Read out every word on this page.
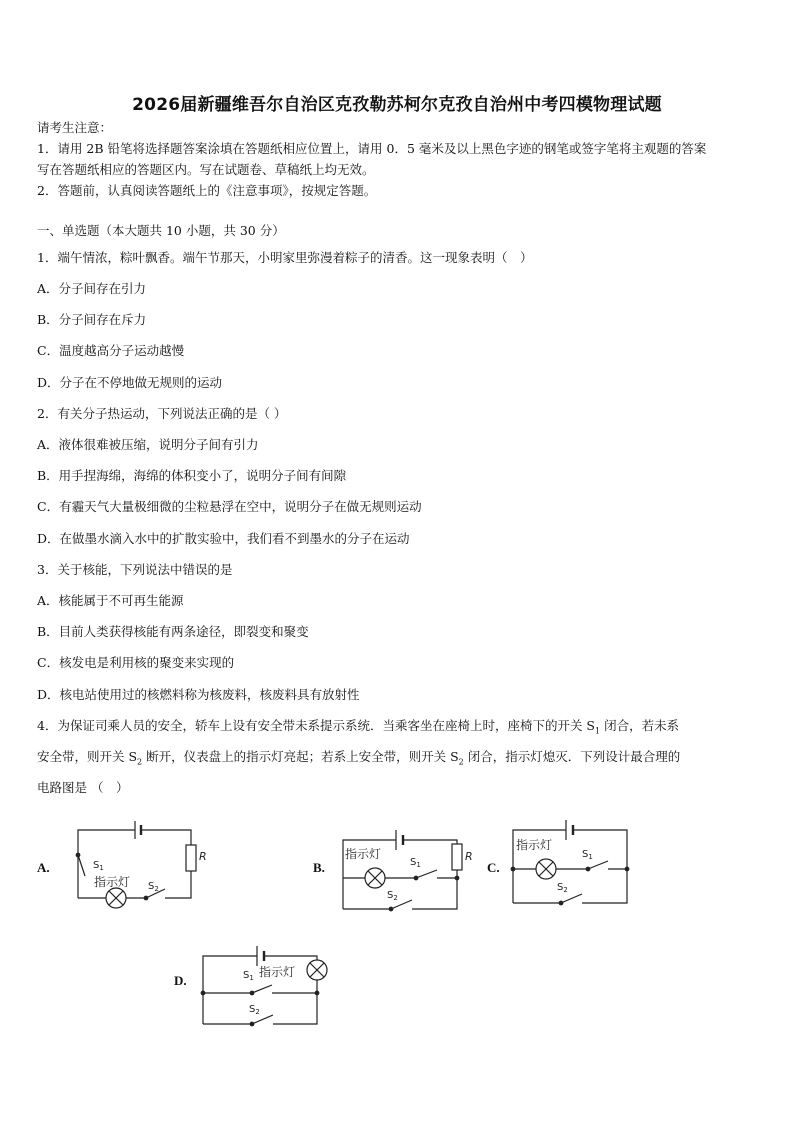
2026届新疆维吾尔自治区克孜勒苏柯尔克孜自治州中考四模物理试题
请考生注意：
1．请用 2B 铅笔将选择题答案涂填在答题纸相应位置上，请用 0．5 毫米及以上黑色字迹的钢笔或签字笔将主观题的答案
写在答题纸相应的答题区内。写在试题卷、草稿纸上均无效。
2．答题前，认真阅读答题纸上的《注意事项》，按规定答题。
一、单选题（本大题共 10 小题，共 30 分）
1．端午情浓，粽叶飘香。端午节那天，小明家里弥漫着粽子的清香。这一现象表明（　）
A．分子间存在引力
B．分子间存在斥力
C．温度越高分子运动越慢
D．分子在不停地做无规则的运动
2．有关分子热运动，下列说法正确的是（ ）
A．液体很难被压缩，说明分子间有引力
B．用手捏海绵，海绵的体积变小了，说明分子间有间隙
C．有霾天气大量极细微的尘粒悬浮在空中，说明分子在做无规则运动
D．在做墨水滴入水中的扩散实验中，我们看不到墨水的分子在运动
3．关于核能，下列说法中错误的是
A．核能属于不可再生能源
B．目前人类获得核能有两条途径，即裂变和聚变
C．核发电是利用核的聚变来实现的
D．核电站使用过的核燃料称为核废料，核废料具有放射性
4．为保证司乘人员的安全，轿车上设有安全带未系提示系统．当乘客坐在座椅上时，座椅下的开关 $S_1$ 闭合，若未系
安全带，则开关 $S_2$ 断开，仪表盘上的指示灯亮起；若系上安全带，则开关 $S_2$ 闭合，指示灯熄灭．下列设计最合理的
电路图是 （　）
A.	B.	C.
D.
$S_1$
指示灯 $S_2$
R	指示灯
$S_1$
$S_2$
R
指示灯
$S_1$
$S_2$
$S_1$ 指示灯
$S_2$
